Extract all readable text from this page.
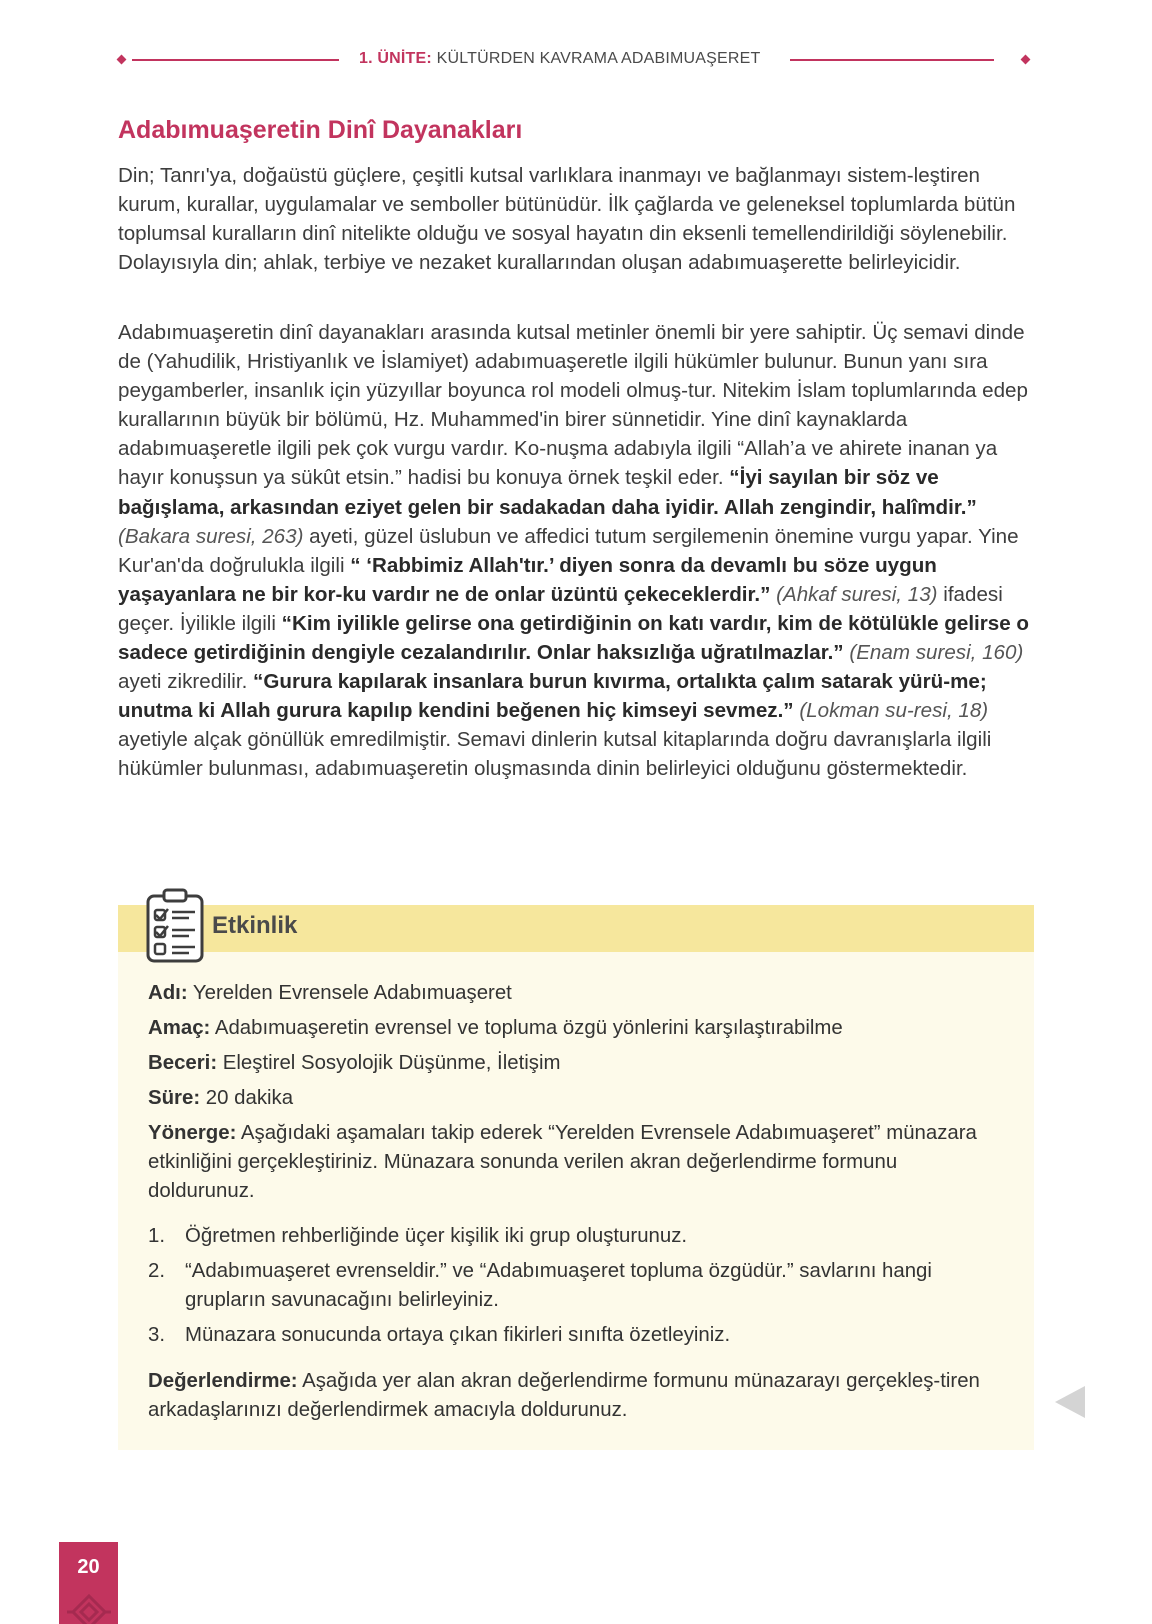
1. ÜNİTE: KÜLTÜRDEN KAVRAMA ADABIMUAŞERET
Adabımuaşeretin Dinî Dayanakları

Din; Tanrı'ya, doğaüstü güçlere, çeşitli kutsal varlıklara inanmayı ve bağlanmayı sistem-leştiren kurum, kurallar, uygulamalar ve semboller bütünüdür. İlk çağlarda ve geleneksel toplumlarda bütün toplumsal kuralların dinî nitelikte olduğu ve sosyal hayatın din eksenli temellendirildiği söylenebilir. Dolayısıyla din; ahlak, terbiye ve nezaket kurallarından oluşan adabımuaşerette belirleyicidir.

Adabımuaşeretin dinî dayanakları arasında kutsal metinler önemli bir yere sahiptir. Üç semavi dinde de (Yahudilik, Hristiyanlık ve İslamiyet) adabımuaşeretle ilgili hükümler bulunur. Bunun yanı sıra peygamberler, insanlık için yüzyıllar boyunca rol modeli olmuş-tur. Nitekim İslam toplumlarında edep kurallarının büyük bir bölümü, Hz. Muhammed'in birer sünnetidir. Yine dinî kaynaklarda adabımuaşeretle ilgili pek çok vurgu vardır. Ko-nuşma adabıyla ilgili “Allah’a ve ahirete inanan ya hayır konuşsun ya sükût etsin.” hadisi bu konuya örnek teşkil eder. “İyi sayılan bir söz ve bağışlama, arkasından eziyet gelen bir sadakadan daha iyidir. Allah zengindir, halîmdir.” (Bakara suresi, 263) ayeti, güzel üslubun ve affedici tutum sergilemenin önemine vurgu yapar. Yine Kur'an'da doğrulukla ilgili “ ‘Rabbimiz Allah'tır.’ diyen sonra da devamlı bu söze uygun yaşayanlara ne bir kor-ku vardır ne de onlar üzüntü çekeceklerdir.” (Ahkaf suresi, 13) ifadesi geçer. İyilikle ilgili “Kim iyilikle gelirse ona getirdiğinin on katı vardır, kim de kötülükle gelirse o sadece getirdiğinin dengiyle cezalandırılır. Onlar haksızlığa uğratılmazlar.” (Enam suresi, 160) ayeti zikredilir. “Gurura kapılarak insanlara burun kıvırma, ortalıkta çalım satarak yürü-me; unutma ki Allah gurura kapılıp kendini beğenen hiç kimseyi sevmez.” (Lokman su-resi, 18) ayetiyle alçak gönüllük emredilmiştir. Semavi dinlerin kutsal kitaplarında doğru davranışlarla ilgili hükümler bulunması, adabımuaşeretin oluşmasında dinin belirleyici olduğunu göstermektedir.

Etkinlik

Adı: Yerelden Evrensele Adabımuaşeret

Amaç: Adabımuaşeretin evrensel ve topluma özgü yönlerini karşılaştırabilme

Beceri: Eleştirel Sosyolojik Düşünme, İletişim

Süre: 20 dakika

Yönerge: Aşağıdaki aşamaları takip ederek “Yerelden Evrensele Adabımuaşeret” münazara etkinliğini gerçekleştiriniz. Münazara sonunda verilen akran değerlendirme formunu doldurunuz.

1. Öğretmen rehberliğinde üçer kişilik iki grup oluşturunuz.
2. “Adabımuaşeret evrenseldir.” ve “Adabımuaşeret topluma özgüdür.” savlarını hangi grupların savunacağını belirleyiniz.
3. Münazara sonucunda ortaya çıkan fikirleri sınıfta özetleyiniz.

Değerlendirme: Aşağıda yer alan akran değerlendirme formunu münazarayı gerçekleş-tiren arkadaşlarınızı değerlendirmek amacıyla doldurunuz.

20
